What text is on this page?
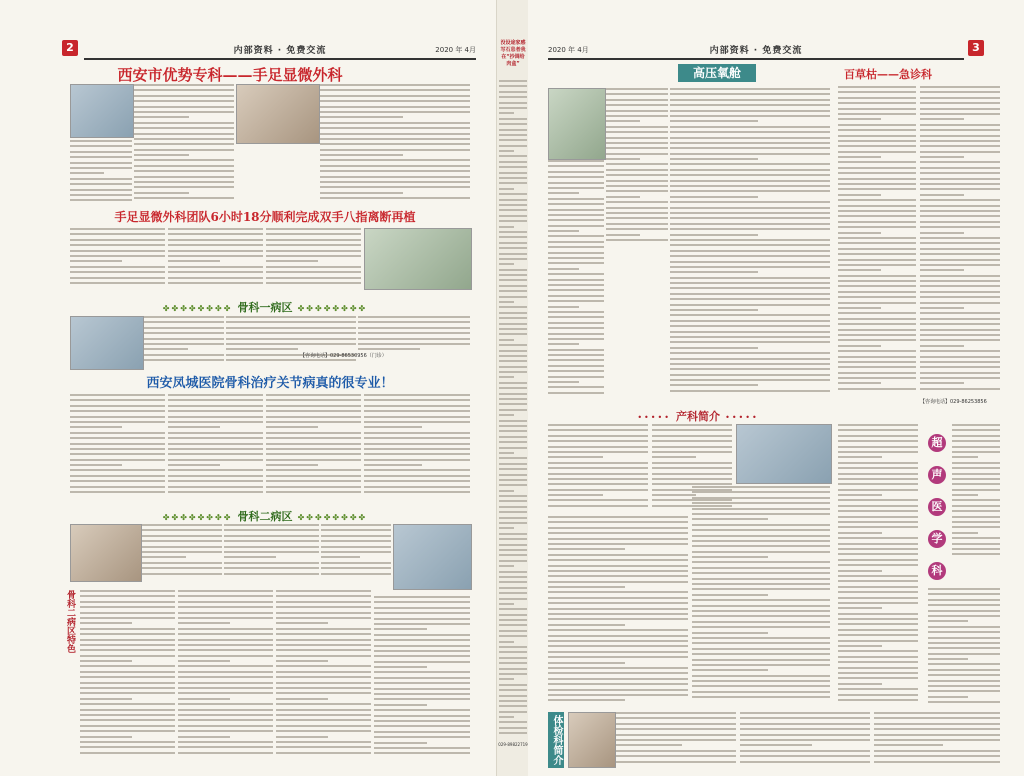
2	内部资料 · 免费交流	2020 年 4月
西安市优势专科——手足显微外科
手足显微外科团队6小时18分顺利完成双手八指离断再植
✤✤✤✤✤✤✤✤ 骨科一病区 ✤✤✤✤✤✤✤✤
【咨询电话】029-86530956（门诊）
西安凤城医院骨科治疗关节病真的很专业！
✤✤✤✤✤✤✤✤ 骨科二病区 ✤✤✤✤✤✤✤✤
骨科二病区特色
没设途家感写石息者我在“抄调给肉盒”
029-89822719
2020 年 4月	内部资料 · 免费交流	3
高压氧舱	百草枯——急诊科
【咨询电话】029-86253856
••••• 产科简介 •••••
超
声
医
学
科
体检科简介
